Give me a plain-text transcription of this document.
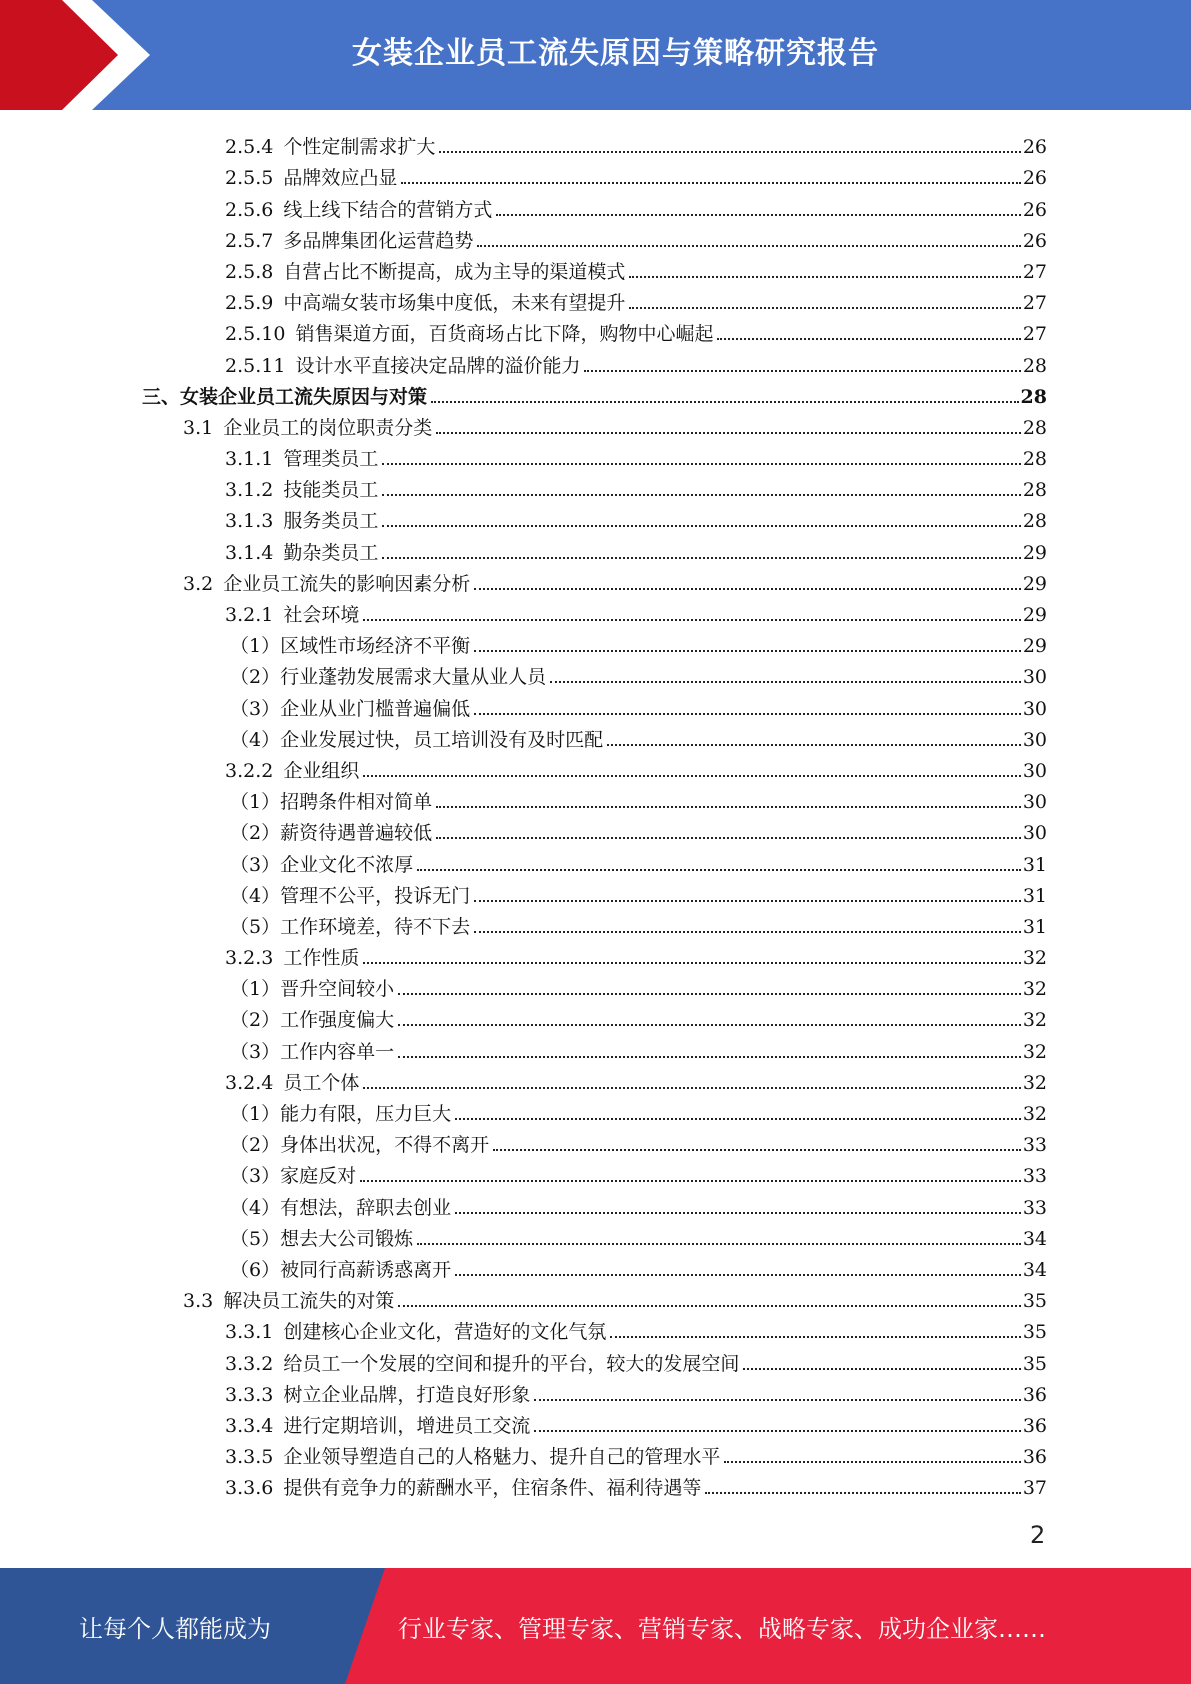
女装企业员工流失原因与策略研究报告
2.5.4 个性定制需求扩大	26
2.5.5 品牌效应凸显	26
2.5.6 线上线下结合的营销方式	26
2.5.7 多品牌集团化运营趋势	26
2.5.8 自营占比不断提高，成为主导的渠道模式	27
2.5.9 中高端女装市场集中度低，未来有望提升	27
2.5.10 销售渠道方面，百货商场占比下降，购物中心崛起	27
2.5.11 设计水平直接决定品牌的溢价能力	28
三、女装企业员工流失原因与对策	28
3.1 企业员工的岗位职责分类	28
3.1.1 管理类员工	28
3.1.2 技能类员工	28
3.1.3 服务类员工	28
3.1.4 勤杂类员工	29
3.2 企业员工流失的影响因素分析	29
3.2.1 社会环境	29
（1） 区域性市场经济不平衡	29
（2） 行业蓬勃发展需求大量从业人员	30
（3） 企业从业门槛普遍偏低	30
（4） 企业发展过快，员工培训没有及时匹配	30
3.2.2 企业组织	30
（1） 招聘条件相对简单	30
（2） 薪资待遇普遍较低	30
（3） 企业文化不浓厚	31
（4） 管理不公平，投诉无门	31
（5） 工作环境差，待不下去	31
3.2.3 工作性质	32
（1） 晋升空间较小	32
（2） 工作强度偏大	32
（3） 工作内容单一	32
3.2.4 员工个体	32
（1） 能力有限，压力巨大	32
（2） 身体出状况，不得不离开	33
（3） 家庭反对	33
（4） 有想法，辞职去创业	33
（5） 想去大公司锻炼	34
（6） 被同行高薪诱惑离开	34
3.3 解决员工流失的对策	35
3.3.1 创建核心企业文化，营造好的文化气氛	35
3.3.2 给员工一个发展的空间和提升的平台，较大的发展空间	35
3.3.3 树立企业品牌，打造良好形象	36
3.3.4 进行定期培训，增进员工交流	36
3.3.5 企业领导塑造自己的人格魅力、提升自己的管理水平	36
3.3.6 提供有竞争力的薪酬水平，住宿条件、福利待遇等	37
2
让每个人都能成为	行业专家、管理专家、营销专家、战略专家、成功企业家……
